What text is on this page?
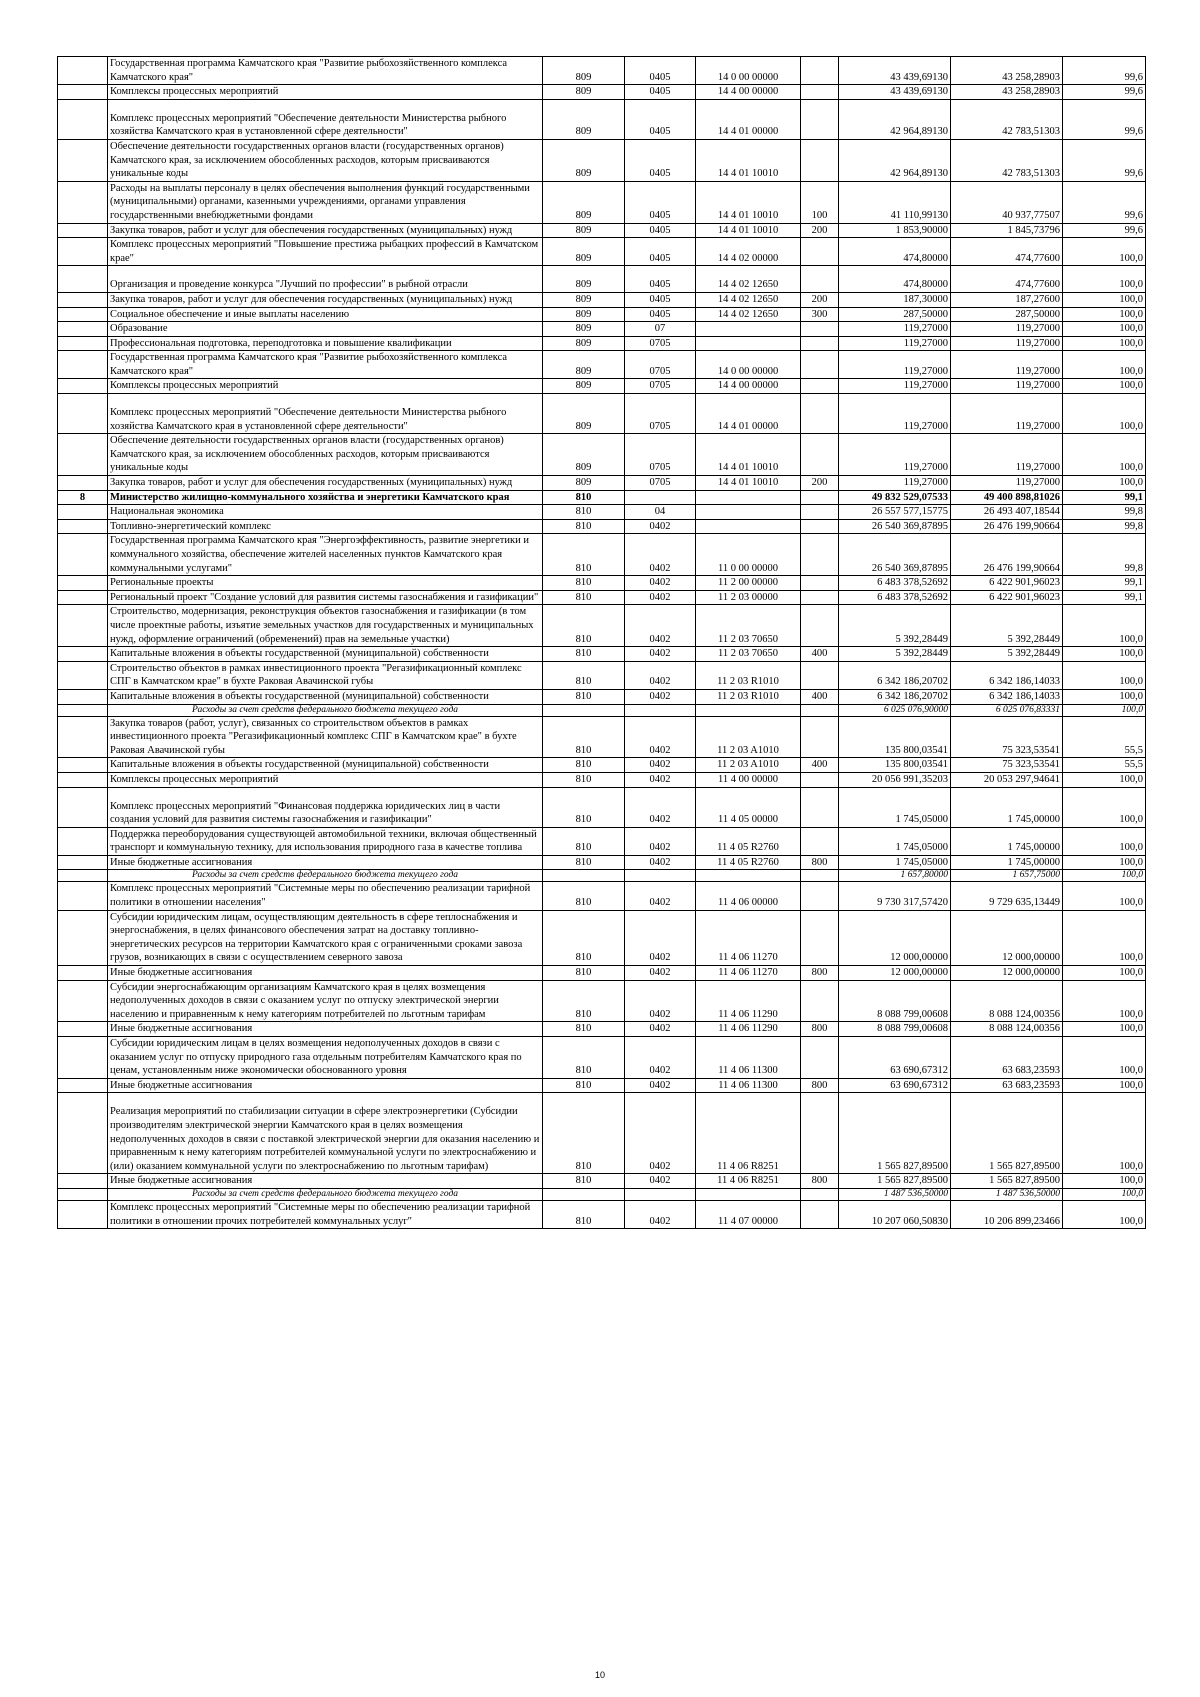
	Государственная программа Камчатского края "Развитие рыбохозяйственного комплекса Камчатского края"	809	0405	14 0 00 00000		43 439,69130	43 258,28903	99,6
	Комплексы процессных мероприятий	809	0405	14 4 00 00000		43 439,69130	43 258,28903	99,6
	Комплекс процессных мероприятий "Обеспечение деятельности Министерства рыбного хозяйства Камчатского края в установленной сфере деятельности"	809	0405	14 4 01 00000		42 964,89130	42 783,51303	99,6
	Обеспечение деятельности государственных органов власти (государственных органов) Камчатского края, за исключением обособленных расходов, которым присваиваются уникальные коды	809	0405	14 4 01 10010		42 964,89130	42 783,51303	99,6
	Расходы на выплаты персоналу в целях обеспечения выполнения функций государственными (муниципальными) органами, казенными учреждениями, органами управления государственными внебюджетными фондами	809	0405	14 4 01 10010	100	41 110,99130	40 937,77507	99,6
	Закупка товаров, работ и услуг для обеспечения государственных (муниципальных) нужд	809	0405	14 4 01 10010	200	1 853,90000	1 845,73796	99,6
	Комплекс процессных мероприятий "Повышение престижа рыбацких профессий в Камчатском крае"	809	0405	14 4 02 00000		474,80000	474,77600	100,0
	Организация и проведение конкурса "Лучший по профессии" в рыбной отрасли	809	0405	14 4 02 12650		474,80000	474,77600	100,0
	Закупка товаров, работ и услуг для обеспечения государственных (муниципальных) нужд	809	0405	14 4 02 12650	200	187,30000	187,27600	100,0
	Социальное обеспечение и иные выплаты населению	809	0405	14 4 02 12650	300	287,50000	287,50000	100,0
	Образование	809	07			119,27000	119,27000	100,0
	Профессиональная подготовка, переподготовка и повышение квалификации	809	0705			119,27000	119,27000	100,0
	Государственная программа Камчатского края "Развитие рыбохозяйственного комплекса Камчатского края"	809	0705	14 0 00 00000		119,27000	119,27000	100,0
	Комплексы процессных мероприятий	809	0705	14 4 00 00000		119,27000	119,27000	100,0
	Комплекс процессных мероприятий "Обеспечение деятельности Министерства рыбного хозяйства Камчатского края в установленной сфере деятельности"	809	0705	14 4 01 00000		119,27000	119,27000	100,0
	Обеспечение деятельности государственных органов власти (государственных органов) Камчатского края, за исключением обособленных расходов, которым присваиваются уникальные коды	809	0705	14 4 01 10010		119,27000	119,27000	100,0
	Закупка товаров, работ и услуг для обеспечения государственных (муниципальных) нужд	809	0705	14 4 01 10010	200	119,27000	119,27000	100,0
8	Министерство жилищно-коммунального хозяйства и энергетики Камчатского края	810				49 832 529,07533	49 400 898,81026	99,1
	Национальная экономика	810	04			26 557 577,15775	26 493 407,18544	99,8
	Топливно-энергетический комплекс	810	0402			26 540 369,87895	26 476 199,90664	99,8
	Государственная программа Камчатского края "Энергоэффективность, развитие энергетики и коммунального хозяйства, обеспечение жителей населенных пунктов Камчатского края коммунальными услугами"	810	0402	11 0 00 00000		26 540 369,87895	26 476 199,90664	99,8
	Региональные проекты	810	0402	11 2 00 00000		6 483 378,52692	6 422 901,96023	99,1
	Региональный проект "Создание условий для развития системы газоснабжения и газификации"	810	0402	11 2 03 00000		6 483 378,52692	6 422 901,96023	99,1
	Строительство, модернизация, реконструкция объектов газоснабжения и газификации (в том числе проектные работы, изъятие земельных участков для государственных и муниципальных нужд, оформление ограничений (обременений) прав на земельные участки)	810	0402	11 2 03 70650		5 392,28449	5 392,28449	100,0
	Капитальные вложения в объекты государственной (муниципальной) собственности	810	0402	11 2 03 70650	400	5 392,28449	5 392,28449	100,0
	Строительство объектов в рамках инвестиционного проекта "Регазификационный комплекс СПГ в Камчатском крае" в бухте Раковая Авачинской губы	810	0402	11 2 03 R1010		6 342 186,20702	6 342 186,14033	100,0
	Капитальные вложения в объекты государственной (муниципальной) собственности	810	0402	11 2 03 R1010	400	6 342 186,20702	6 342 186,14033	100,0
	Расходы за счет средств федерального бюджета текущего года					6 025 076,90000	6 025 076,83331	100,0
	Закупка товаров (работ, услуг), связанных со строительством объектов в рамках инвестиционного проекта "Регазификационный комплекс СПГ в Камчатском крае" в бухте Раковая Авачинской губы	810	0402	11 2 03 A1010		135 800,03541	75 323,53541	55,5
	Капитальные вложения в объекты государственной (муниципальной) собственности	810	0402	11 2 03 A1010	400	135 800,03541	75 323,53541	55,5
	Комплексы процессных мероприятий	810	0402	11 4 00 00000		20 056 991,35203	20 053 297,94641	100,0
	Комплекс процессных мероприятий "Финансовая поддержка юридических лиц в части создания условий для развития системы газоснабжения и газификации"	810	0402	11 4 05 00000		1 745,05000	1 745,00000	100,0
	Поддержка переоборудования существующей автомобильной техники, включая общественный транспорт и коммунальную технику, для использования природного газа в качестве топлива	810	0402	11 4 05 R2760		1 745,05000	1 745,00000	100,0
	Иные бюджетные ассигнования	810	0402	11 4 05 R2760	800	1 745,05000	1 745,00000	100,0
	Расходы за счет средств федерального бюджета текущего года					1 657,80000	1 657,75000	100,0
	Комплекс процессных мероприятий "Системные меры по обеспечению реализации тарифной политики в отношении населения"	810	0402	11 4 06 00000		9 730 317,57420	9 729 635,13449	100,0
	Субсидии юридическим лицам, осуществляющим деятельность в сфере теплоснабжения и энергоснабжения, в целях финансового обеспечения затрат на доставку топливно-энергетических ресурсов на территории Камчатского края с ограниченными сроками завоза грузов, возникающих в связи с осуществлением северного завоза	810	0402	11 4 06 11270		12 000,00000	12 000,00000	100,0
	Иные бюджетные ассигнования	810	0402	11 4 06 11270	800	12 000,00000	12 000,00000	100,0
	Субсидии энергоснабжающим организациям Камчатского края в целях возмещения недополученных доходов в связи с оказанием услуг по отпуску электрической энергии населению и приравненным к нему категориям потребителей по льготным тарифам	810	0402	11 4 06 11290		8 088 799,00608	8 088 124,00356	100,0
	Иные бюджетные ассигнования	810	0402	11 4 06 11290	800	8 088 799,00608	8 088 124,00356	100,0
	Субсидии юридическим лицам в целях возмещения недополученных доходов в связи с оказанием услуг по отпуску природного газа отдельным потребителям Камчатского края по ценам, установленным ниже экономически обоснованного уровня	810	0402	11 4 06 11300		63 690,67312	63 683,23593	100,0
	Иные бюджетные ассигнования	810	0402	11 4 06 11300	800	63 690,67312	63 683,23593	100,0
	Реализация мероприятий по стабилизации ситуации в сфере электроэнергетики (Субсидии производителям электрической энергии Камчатского края в целях возмещения недополученных доходов в связи с поставкой электрической энергии для оказания населению и приравненным к нему категориям потребителей коммунальной услуги по электроснабжению и (или) оказанием коммунальной услуги по электроснабжению по льготным тарифам)	810	0402	11 4 06 R8251		1 565 827,89500	1 565 827,89500	100,0
	Иные бюджетные ассигнования	810	0402	11 4 06 R8251	800	1 565 827,89500	1 565 827,89500	100,0
	Расходы за счет средств федерального бюджета текущего года					1 487 536,50000	1 487 536,50000	100,0
	Комплекс процессных мероприятий "Системные меры по обеспечению реализации тарифной политики в отношении прочих потребителей коммунальных услуг"	810	0402	11 4 07 00000		10 207 060,50830	10 206 899,23466	100,0
10
